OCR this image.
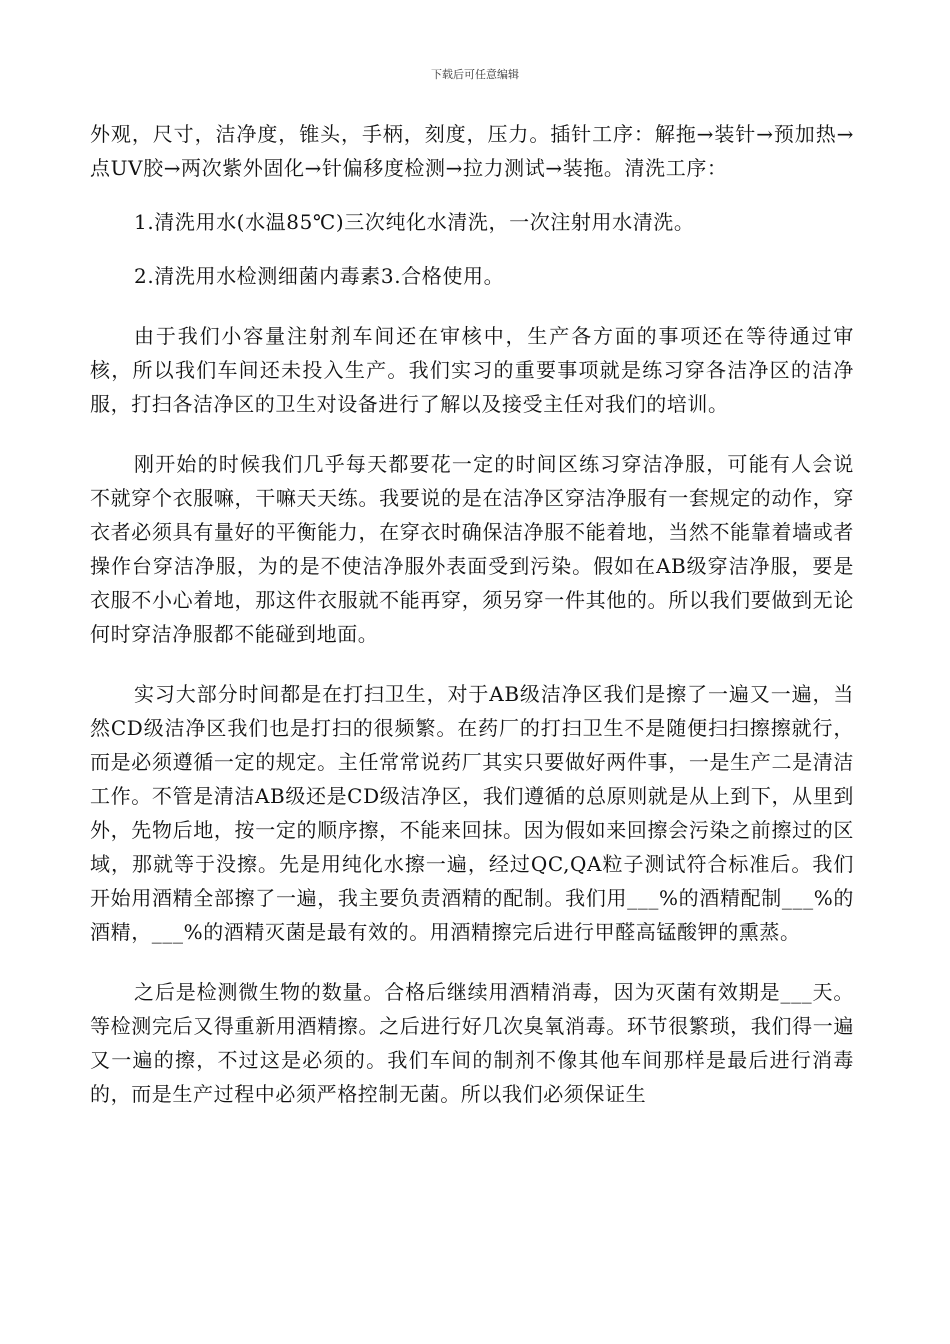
下载后可任意编辑

外观，尺寸，洁净度，锥头，手柄，刻度，压力。插针工序：解拖→装针→预加热→点UV胶→两次紫外固化→针偏移度检测→拉力测试→装拖。清洗工序：

1.清洗用水(水温85℃)三次纯化水清洗，一次注射用水清洗。

2.清洗用水检测细菌内毒素3.合格使用。

由于我们小容量注射剂车间还在审核中，生产各方面的事项还在等待通过审核，所以我们车间还未投入生产。我们实习的重要事项就是练习穿各洁净区的洁净服，打扫各洁净区的卫生对设备进行了解以及接受主任对我们的培训。

刚开始的时候我们几乎每天都要花一定的时间区练习穿洁净服，可能有人会说不就穿个衣服嘛，干嘛天天练。我要说的是在洁净区穿洁净服有一套规定的动作，穿衣者必须具有量好的平衡能力，在穿衣时确保洁净服不能着地，当然不能靠着墙或者操作台穿洁净服，为的是不使洁净服外表面受到污染。假如在AB级穿洁净服，要是衣服不小心着地，那这件衣服就不能再穿，须另穿一件其他的。所以我们要做到无论何时穿洁净服都不能碰到地面。

实习大部分时间都是在打扫卫生，对于AB级洁净区我们是擦了一遍又一遍，当然CD级洁净区我们也是打扫的很频繁。在药厂的打扫卫生不是随便扫扫擦擦就行，而是必须遵循一定的规定。主任常常说药厂其实只要做好两件事，一是生产二是清洁工作。不管是清洁AB级还是CD级洁净区，我们遵循的总原则就是从上到下，从里到外，先物后地，按一定的顺序擦，不能来回抹。因为假如来回擦会污染之前擦过的区域，那就等于没擦。先是用纯化水擦一遍，经过QC,QA粒子测试符合标准后。我们开始用酒精全部擦了一遍，我主要负责酒精的配制。我们用___%的酒精配制___%的酒精，___%的酒精灭菌是最有效的。用酒精擦完后进行甲醛高锰酸钾的熏蒸。

之后是检测微生物的数量。合格后继续用酒精消毒，因为灭菌有效期是___天。等检测完后又得重新用酒精擦。之后进行好几次臭氧消毒。环节很繁琐，我们得一遍又一遍的擦，不过这是必须的。我们车间的制剂不像其他车间那样是最后进行消毒的，而是生产过程中必须严格控制无菌。所以我们必须保证生
